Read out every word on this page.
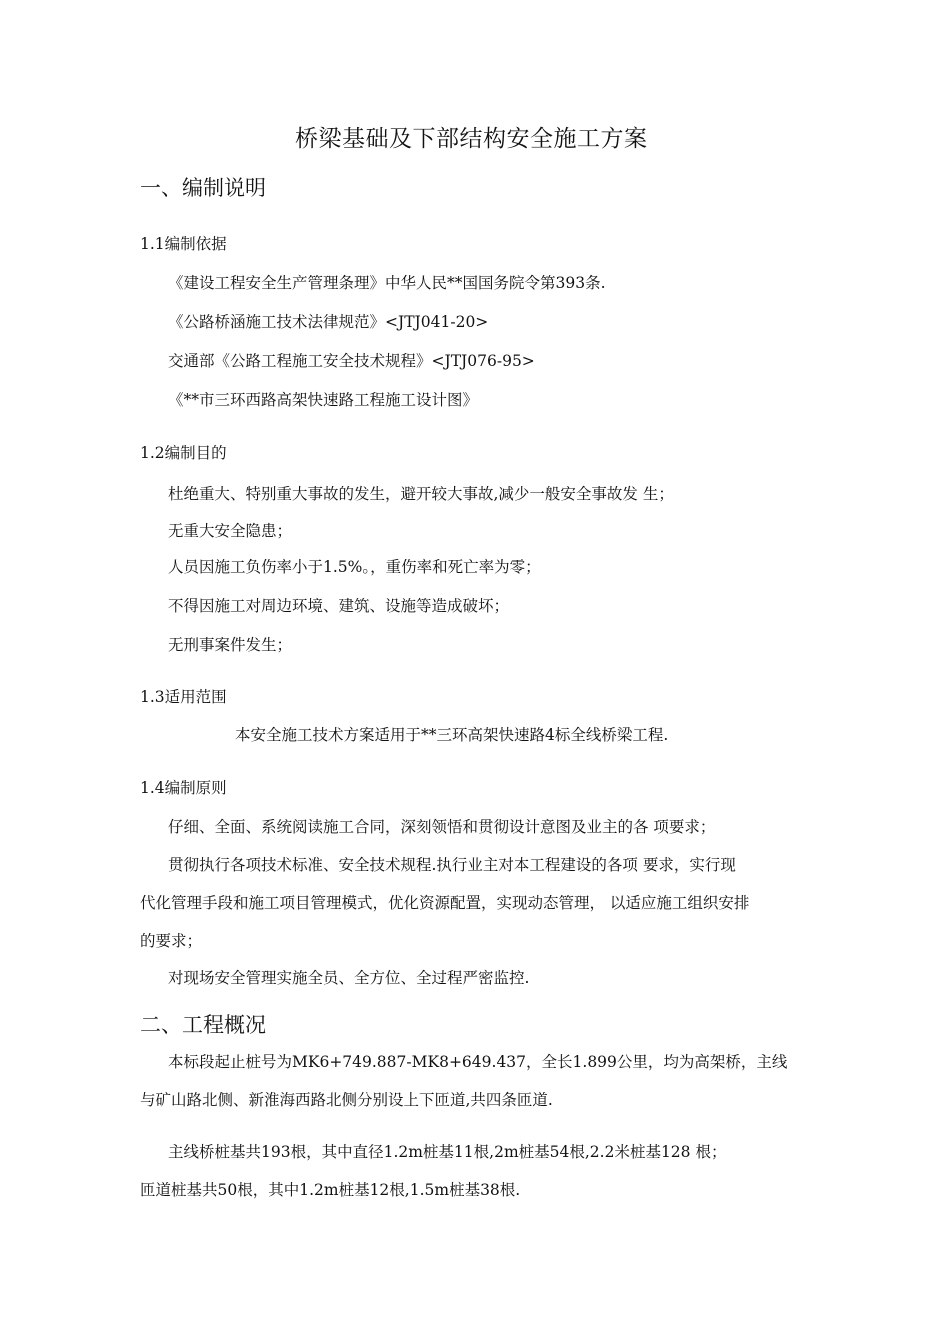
桥梁基础及下部结构安全施工方案
一、编制说明
1.1编制依据
《建设工程安全生产管理条理》中华人民**国国务院令第393条.
《公路桥涵施工技术法律规范》<JTJ041-20>
交通部《公路工程施工安全技术规程》<JTJ076-95>
《**市三环西路高架快速路工程施工设计图》
1.2编制目的
杜绝重大、特别重大事故的发生，避开较大事故,减少一般安全事故发 生；
无重大安全隐患；
人员因施工负伤率小于1.5%。，重伤率和死亡率为零；
不得因施工对周边环境、建筑、设施等造成破坏；
无刑事案件发生；
1.3适用范围
本安全施工技术方案适用于**三环高架快速路4标全线桥梁工程.
1.4编制原则
仔细、全面、系统阅读施工合同，深刻领悟和贯彻设计意图及业主的各 项要求；
贯彻执行各项技术标准、安全技术规程.执行业主对本工程建设的各项 要求，实行现
代化管理手段和施工项目管理模式，优化资源配置，实现动态管理， 以适应施工组织安排
的要求；
对现场安全管理实施全员、全方位、全过程严密监控.
二、工程概况
本标段起止桩号为MK6+749.887-MK8+649.437，全长1.899公里，均为高架桥，主线
与矿山路北侧、新淮海西路北侧分别设上下匝道,共四条匝道.
主线桥桩基共193根，其中直径1.2m桩基11根,2m桩基54根,2.2米桩基128 根；
匝道桩基共50根，其中1.2m桩基12根,1.5m桩基38根.
